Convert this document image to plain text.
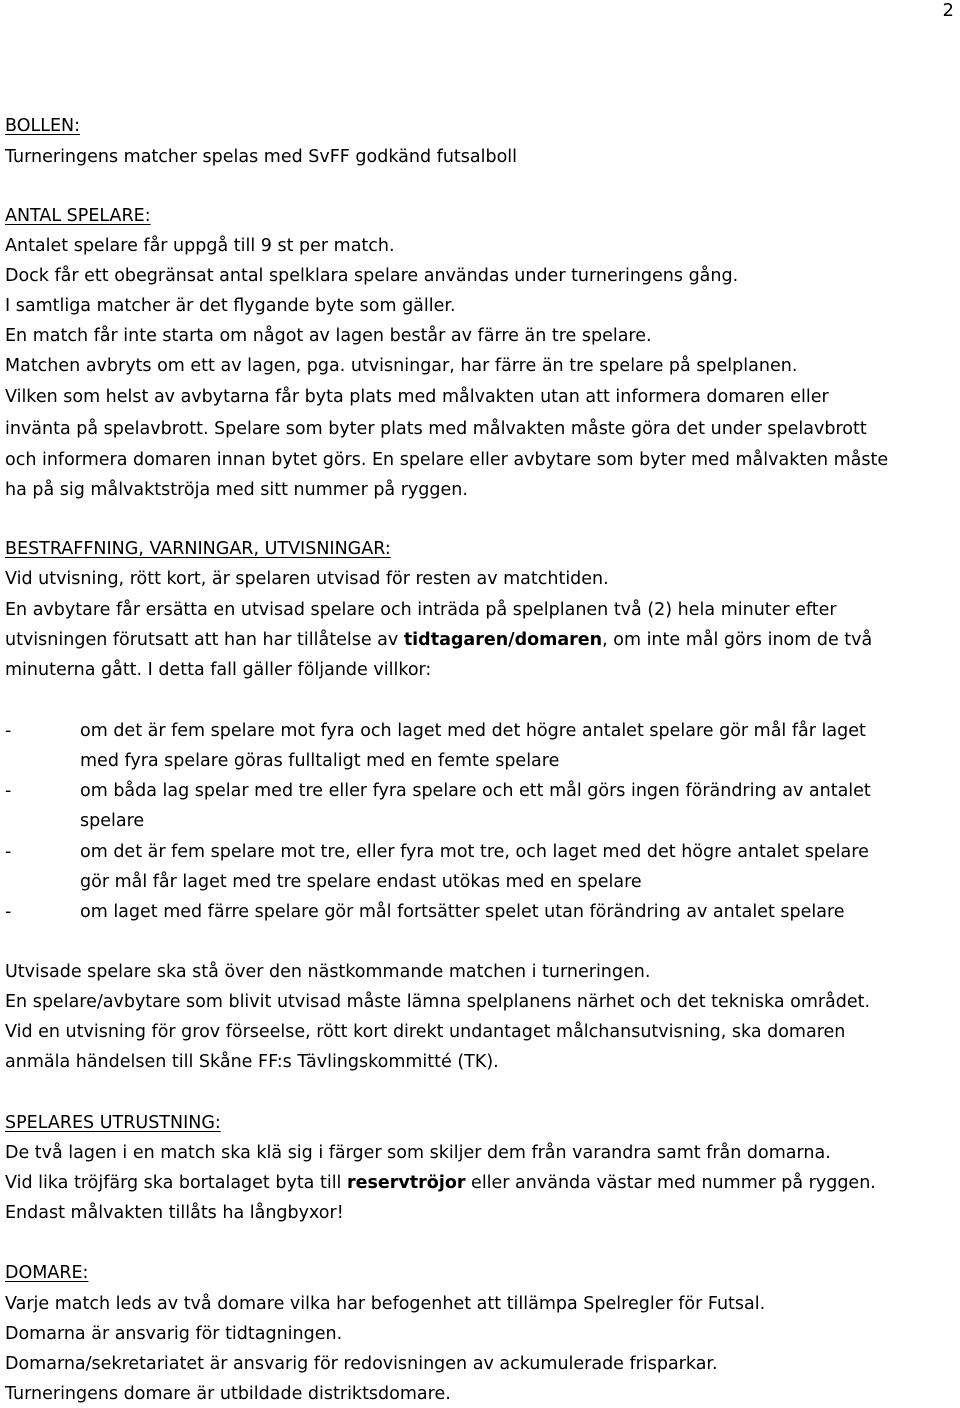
2
BOLLEN:
Turneringens matcher spelas med SvFF godkänd futsalboll
ANTAL SPELARE:
Antalet spelare får uppgå till 9 st per match.
Dock får ett obegränsat antal spelklara spelare användas under turneringens gång.
I samtliga matcher är det flygande byte som gäller.
En match får inte starta om något av lagen består av färre än tre spelare.
Matchen avbryts om ett av lagen, pga. utvisningar, har färre än tre spelare på spelplanen.
Vilken som helst av avbytarna får byta plats med målvakten utan att informera domaren eller
invänta på spelavbrott. Spelare som byter plats med målvakten måste göra det under spelavbrott
och informera domaren innan bytet görs. En spelare eller avbytare som byter med målvakten måste
ha på sig målvaktströja med sitt nummer på ryggen.
BESTRAFFNING, VARNINGAR, UTVISNINGAR:
Vid utvisning, rött kort, är spelaren utvisad för resten av matchtiden.
En avbytare får ersätta en utvisad spelare och inträda på spelplanen två (2) hela minuter efter
utvisningen förutsatt att han har tillåtelse av tidtagaren/domaren, om inte mål görs inom de två
minuterna gått. I detta fall gäller följande villkor:
-	om det är fem spelare mot fyra och laget med det högre antalet spelare gör mål får laget
med fyra spelare göras fulltaligt med en femte spelare
-	om båda lag spelar med tre eller fyra spelare och ett mål görs ingen förändring av antalet
spelare
-	om det är fem spelare mot tre, eller fyra mot tre, och laget med det högre antalet spelare
gör mål får laget med tre spelare endast utökas med en spelare
-	om laget med färre spelare gör mål fortsätter spelet utan förändring av antalet spelare
Utvisade spelare ska stå över den nästkommande matchen i turneringen.
En spelare/avbytare som blivit utvisad måste lämna spelplanens närhet och det tekniska området.
Vid en utvisning för grov förseelse, rött kort direkt undantaget målchansutvisning, ska domaren
anmäla händelsen till Skåne FF:s Tävlingskommitté (TK).
SPELARES UTRUSTNING:
De två lagen i en match ska klä sig i färger som skiljer dem från varandra samt från domarna.
Vid lika tröjfärg ska bortalaget byta till reservtröjor eller använda västar med nummer på ryggen.
Endast målvakten tillåts ha långbyxor!
DOMARE:
Varje match leds av två domare vilka har befogenhet att tillämpa Spelregler för Futsal.
Domarna är ansvarig för tidtagningen.
Domarna/sekretariatet är ansvarig för redovisningen av ackumulerade frisparkar.
Turneringens domare är utbildade distriktsdomare.
